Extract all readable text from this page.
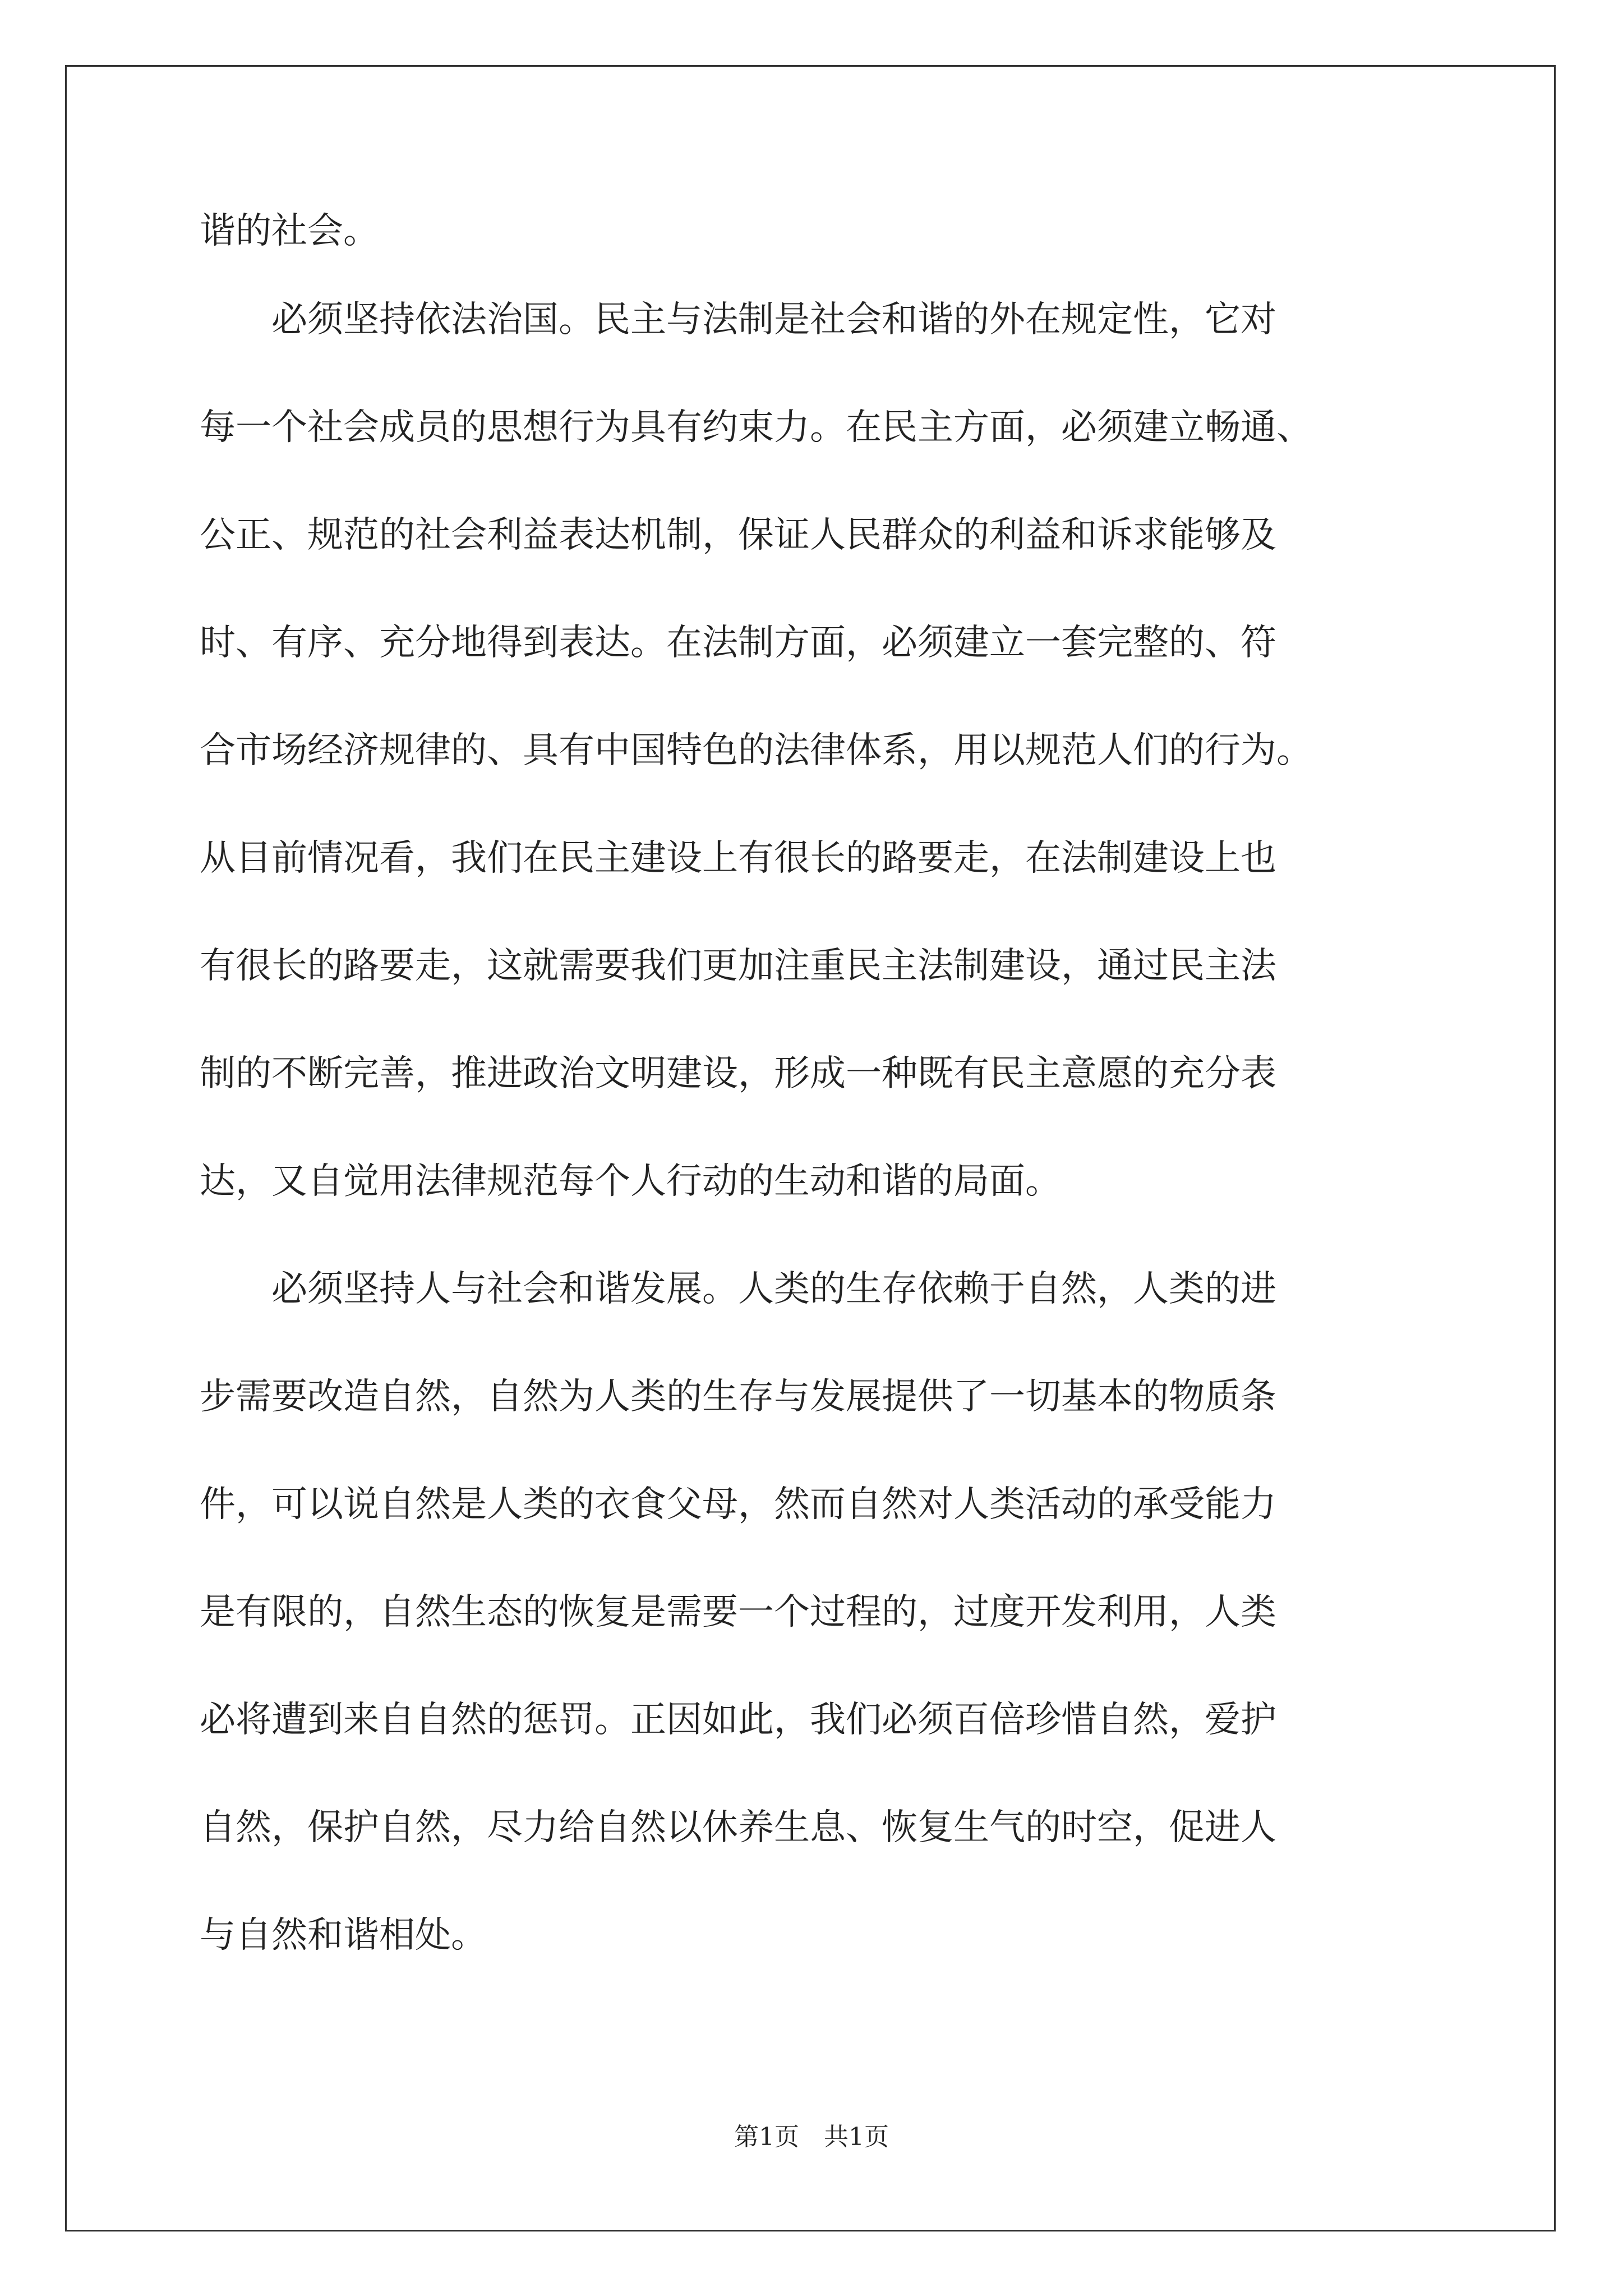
谐的社会。
　　必须坚持依法治国。民主与法制是社会和谐的外在规定性，它对
每一个社会成员的思想行为具有约束力。在民主方面，必须建立畅通、
公正、规范的社会利益表达机制，保证人民群众的利益和诉求能够及
时、有序、充分地得到表达。在法制方面，必须建立一套完整的、符
合市场经济规律的、具有中国特色的法律体系，用以规范人们的行为。
从目前情况看，我们在民主建设上有很长的路要走，在法制建设上也
有很长的路要走，这就需要我们更加注重民主法制建设，通过民主法
制的不断完善，推进政治文明建设，形成一种既有民主意愿的充分表
达，又自觉用法律规范每个人行动的生动和谐的局面。
　　必须坚持人与社会和谐发展。人类的生存依赖于自然，人类的进
步需要改造自然，自然为人类的生存与发展提供了一切基本的物质条
件，可以说自然是人类的衣食父母，然而自然对人类活动的承受能力
是有限的，自然生态的恢复是需要一个过程的，过度开发利用，人类
必将遭到来自自然的惩罚。正因如此，我们必须百倍珍惜自然，爱护
自然，保护自然，尽力给自然以休养生息、恢复生气的时空，促进人
与自然和谐相处。
第1页　共1页
